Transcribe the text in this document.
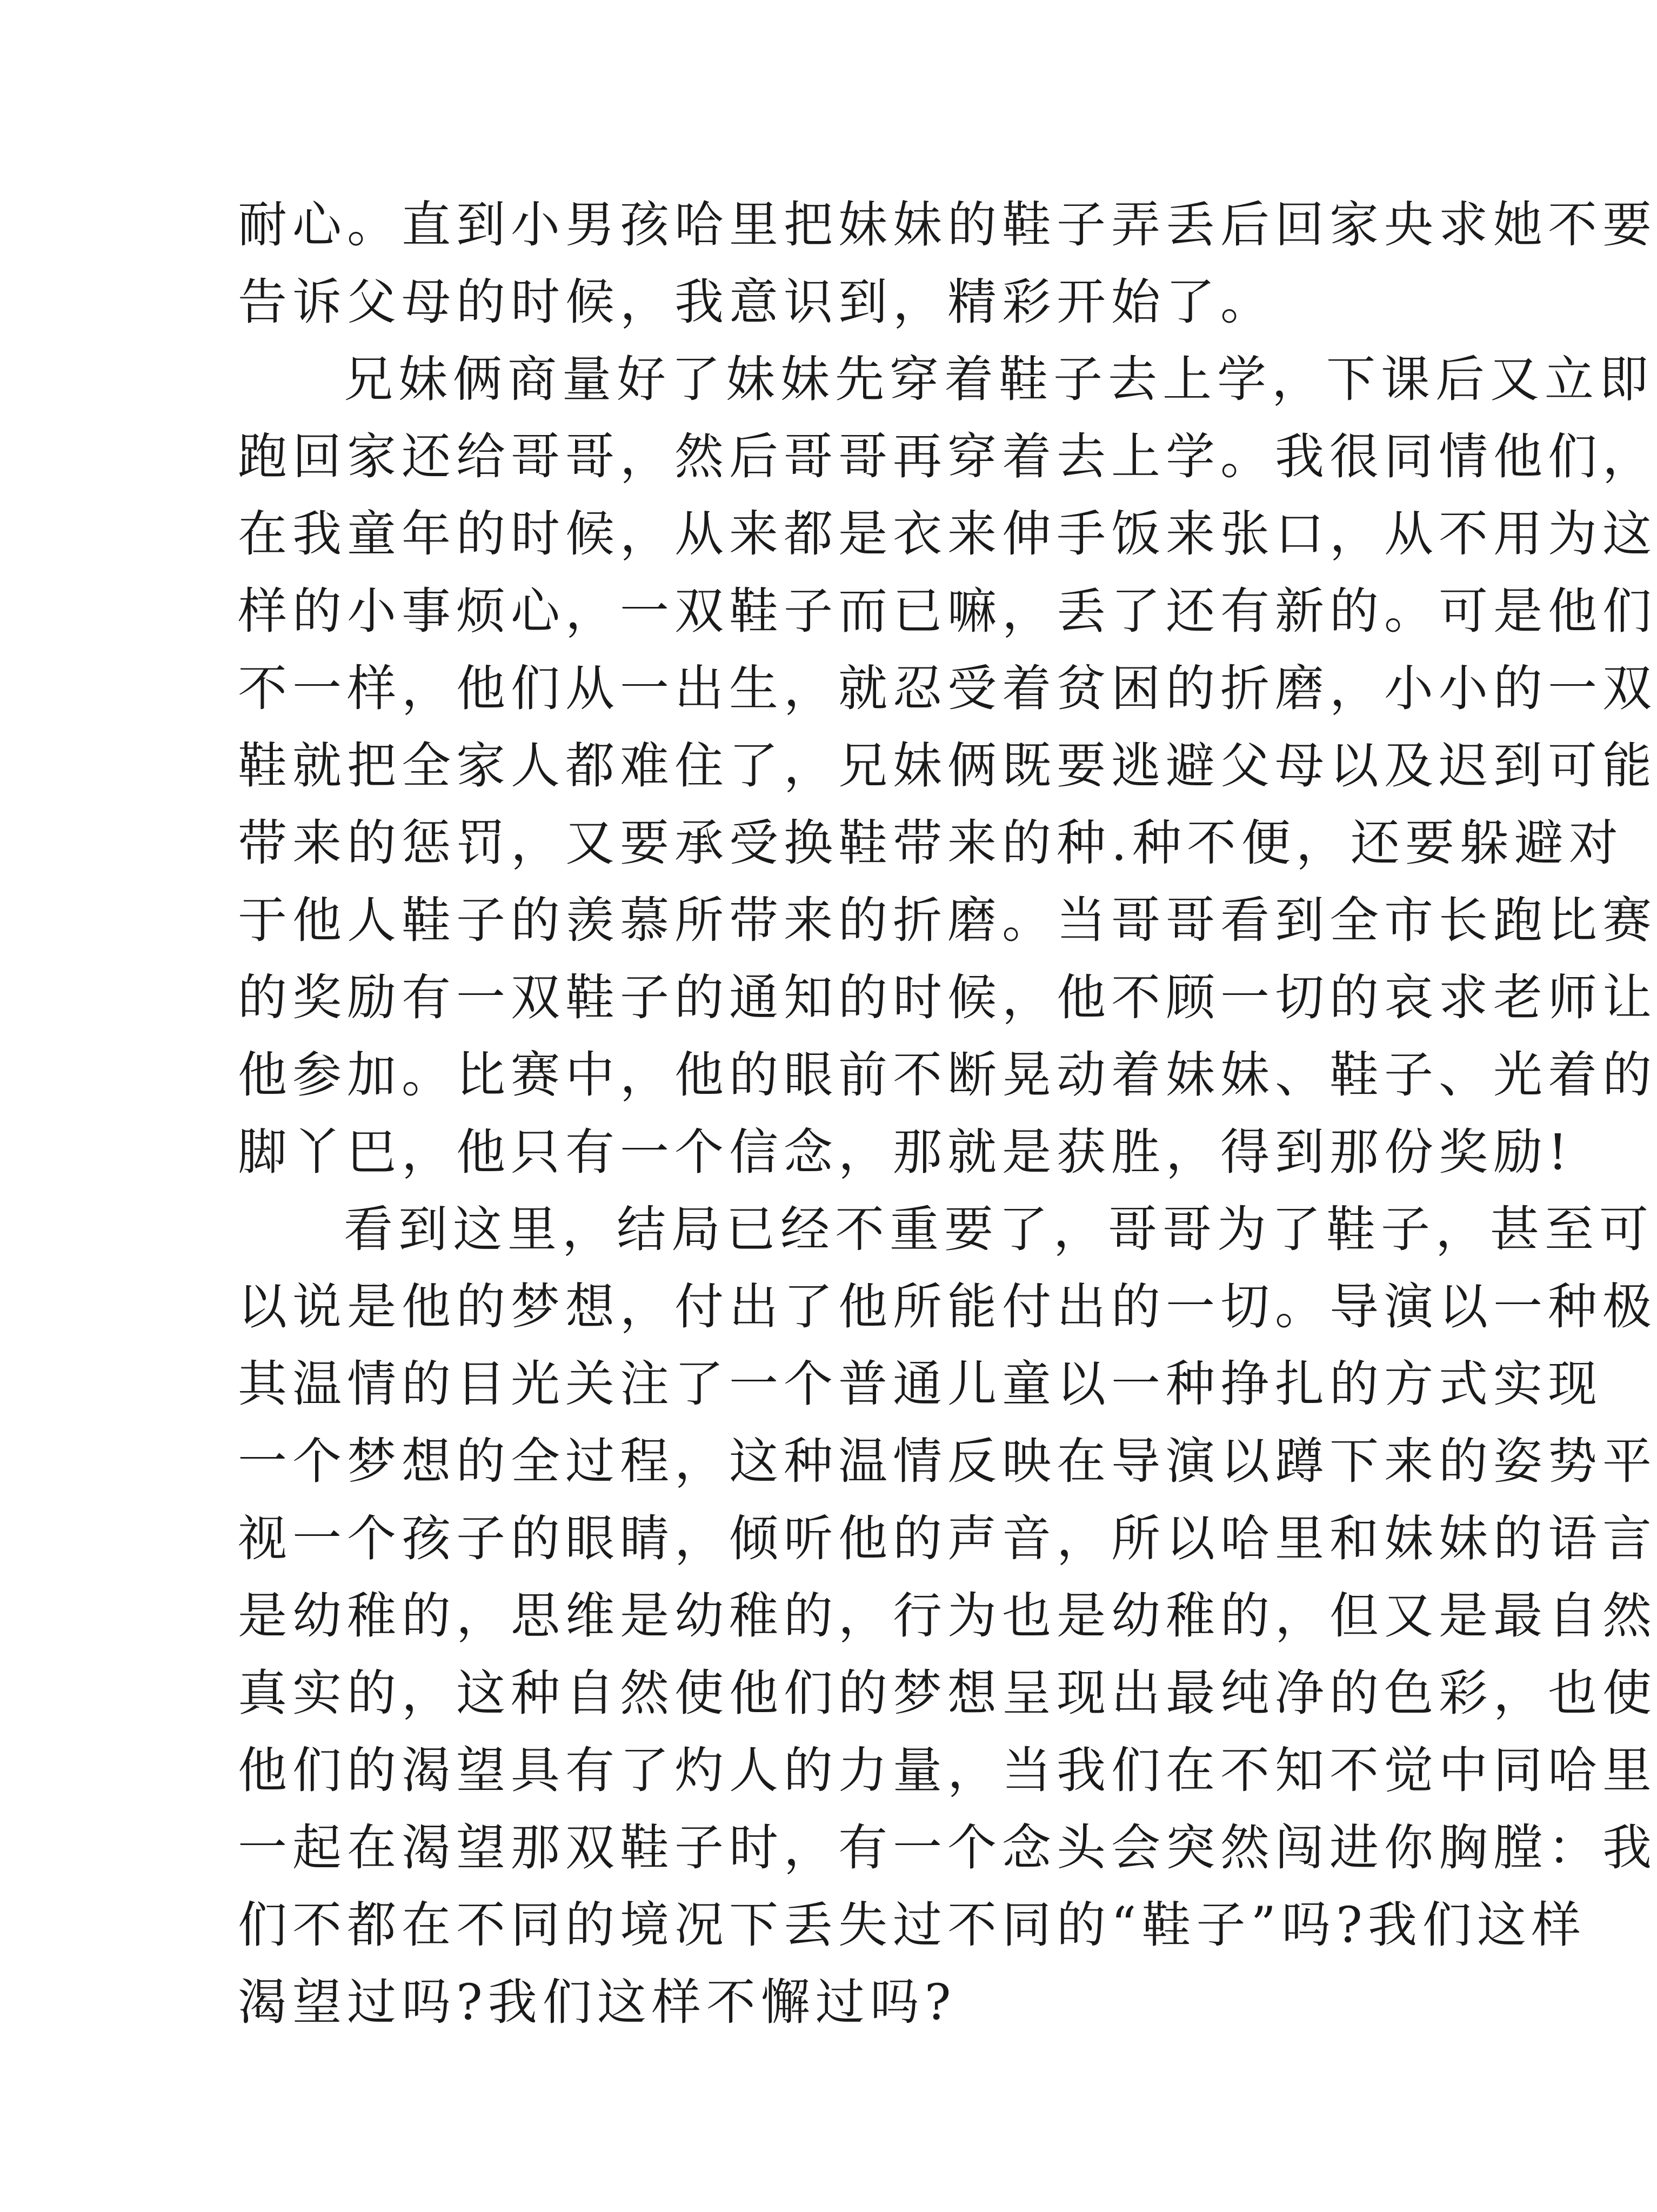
耐心。直到小男孩哈里把妹妹的鞋子弄丢后回家央求她不要
告诉父母的时候，我意识到，精彩开始了。
兄妹俩商量好了妹妹先穿着鞋子去上学，下课后又立即
跑回家还给哥哥，然后哥哥再穿着去上学。我很同情他们，
在我童年的时候，从来都是衣来伸手饭来张口，从不用为这
样的小事烦心，一双鞋子而已嘛，丢了还有新的。可是他们
不一样，他们从一出生，就忍受着贫困的折磨，小小的一双
鞋就把全家人都难住了，兄妹俩既要逃避父母以及迟到可能
带来的惩罚，又要承受换鞋带来的种.种不便，还要躲避对
于他人鞋子的羡慕所带来的折磨。当哥哥看到全市长跑比赛
的奖励有一双鞋子的通知的时候，他不顾一切的哀求老师让
他参加。比赛中，他的眼前不断晃动着妹妹、鞋子、光着的
脚丫巴，他只有一个信念，那就是获胜，得到那份奖励!
看到这里，结局已经不重要了，哥哥为了鞋子，甚至可
以说是他的梦想，付出了他所能付出的一切。导演以一种极
其温情的目光关注了一个普通儿童以一种挣扎的方式实现
一个梦想的全过程，这种温情反映在导演以蹲下来的姿势平
视一个孩子的眼睛，倾听他的声音，所以哈里和妹妹的语言
是幼稚的，思维是幼稚的，行为也是幼稚的，但又是最自然
真实的，这种自然使他们的梦想呈现出最纯净的色彩，也使
他们的渴望具有了灼人的力量，当我们在不知不觉中同哈里
一起在渴望那双鞋子时，有一个念头会突然闯进你胸膛：我
们不都在不同的境况下丢失过不同的“鞋子”吗?我们这样
渴望过吗?我们这样不懈过吗?
